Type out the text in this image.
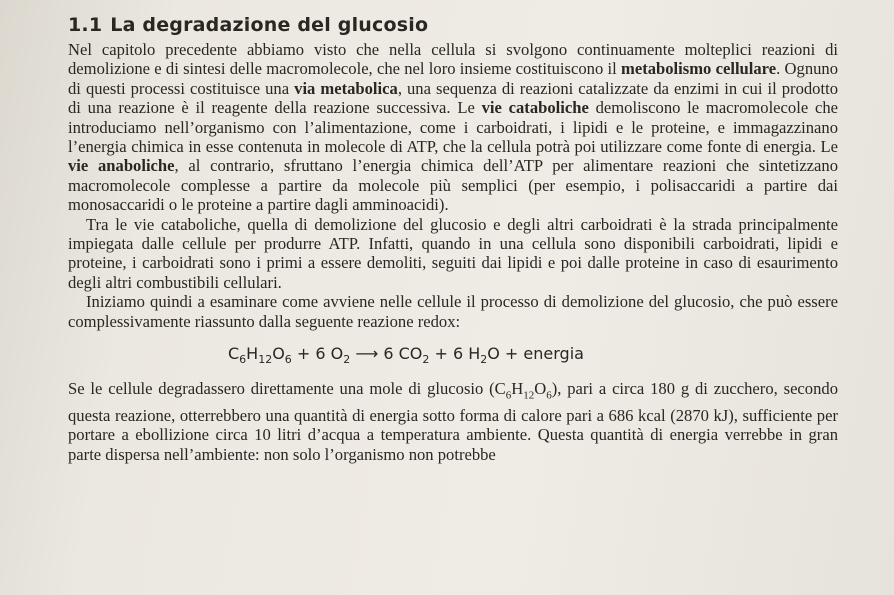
1.1 La degradazione del glucosio

Nel capitolo precedente abbiamo visto che nella cellula si svolgono continuamente molteplici reazioni di demolizione e di sintesi delle macromolecole, che nel loro insieme costituiscono il metabolismo cellulare. Ognuno di questi processi costituisce una via metabolica, una sequenza di reazioni catalizzate da enzimi in cui il prodotto di una reazione è il reagente della reazione successiva. Le vie cataboliche demoliscono le macromolecole che introduciamo nell’organismo con l’alimentazione, come i carboidrati, i lipidi e le proteine, e immagazzinano l’energia chimica in esse contenuta in molecole di ATP, che la cellula potrà poi utilizzare come fonte di energia. Le vie anaboliche, al contrario, sfruttano l’energia chimica dell’ATP per alimentare reazioni che sintetizzano macromolecole complesse a partire da molecole più semplici (per esempio, i polisaccaridi a partire dai monosaccaridi o le proteine a partire dagli amminoacidi).

Tra le vie cataboliche, quella di demolizione del glucosio e degli altri carboidrati è la strada principalmente impiegata dalle cellule per produrre ATP. Infatti, quando in una cellula sono disponibili carboidrati, lipidi e proteine, i carboidrati sono i primi a essere demoliti, seguiti dai lipidi e poi dalle proteine in caso di esaurimento degli altri combustibili cellulari.

Iniziamo quindi a esaminare come avviene nelle cellule il processo di demolizione del glucosio, che può essere complessivamente riassunto dalla seguente reazione redox:

$C_6H_{12}O_6 + 6$ $O_2$ ⟶ 6 $CO_2 + 6$ $H_2O$ + energia

Se le cellule degradassero direttamente una mole di glucosio $(C_6H_{12}O_6)$, pari a circa 180 g di zucchero, secondo questa reazione, otterrebbero una quantità di energia sotto forma di calore pari a 686 kcal (2870 kJ), sufficiente per portare a ebollizione circa 10 litri d’acqua a temperatura ambiente. Questa quantità di energia verrebbe in gran parte dispersa nell’ambiente: non solo l’organismo non potrebbe
